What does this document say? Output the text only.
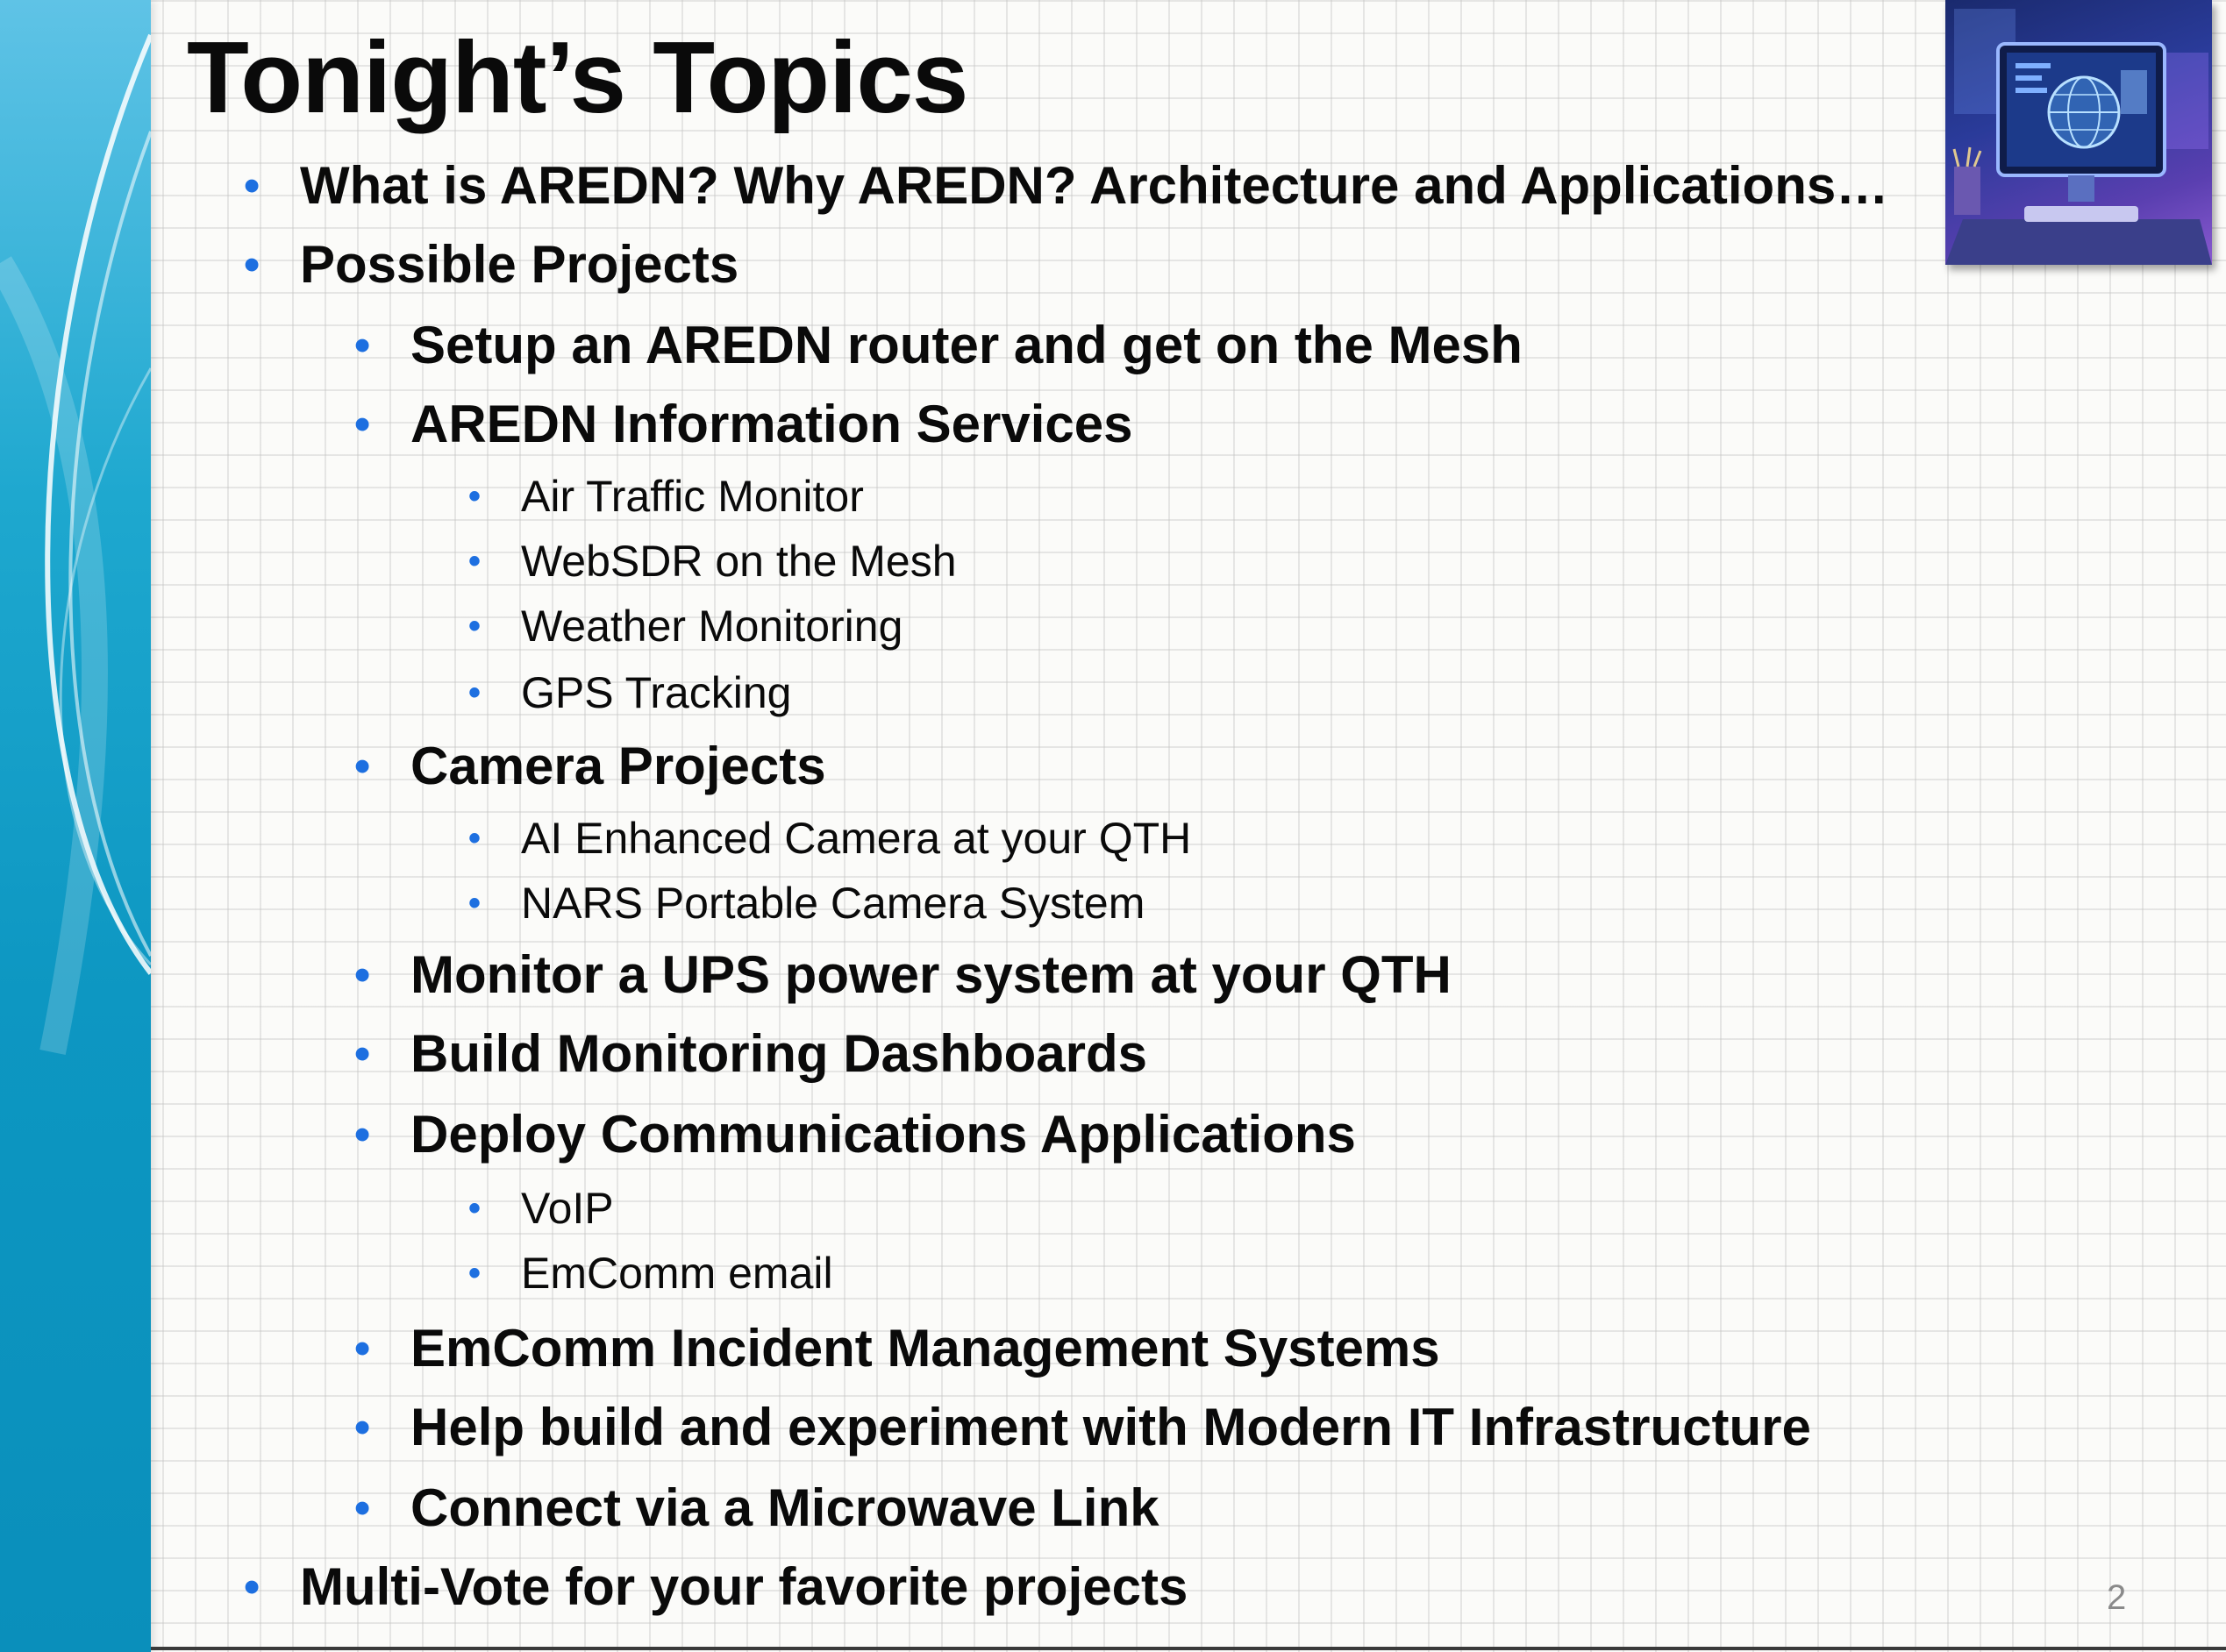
Tonight’s Topics
• What is AREDN? Why AREDN? Architecture and Applications…
• Possible Projects
• Setup an AREDN router and get on the Mesh
• AREDN Information Services
• Air Traffic Monitor
• WebSDR on the Mesh
• Weather Monitoring
• GPS Tracking
• Camera Projects
• AI Enhanced Camera at your QTH
• NARS Portable Camera System
• Monitor a UPS power system at your QTH
• Build Monitoring Dashboards
• Deploy Communications Applications
• VoIP
• EmComm email
• EmComm Incident Management Systems
• Help build and experiment with Modern IT Infrastructure
• Connect via a Microwave Link
• Multi-Vote for your favorite projects	2
